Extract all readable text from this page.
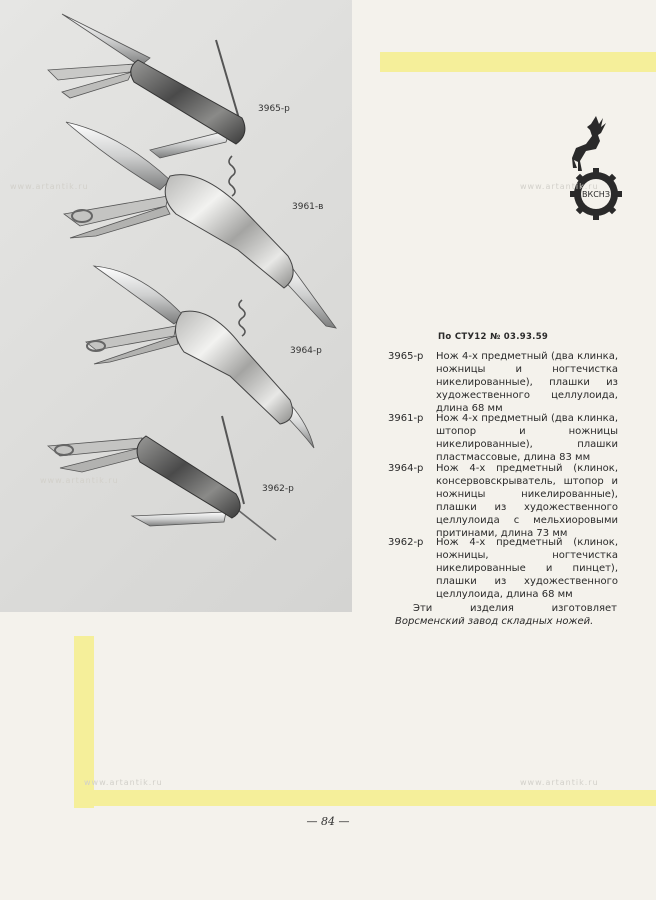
3965-р
3961-в
3964-р
3962-р
ВКСНЗ
По СТУ12 № 03.93.59
3965-р	Нож 4-х предметный (два клинка, ножницы и ногтечистка никелированные), плашки из художественного целлулоида, длина 68 мм
3961-р	Нож 4-х предметный (два клинка, штопор и ножницы никелированные), плашки пластмассовые, длина 83 мм
3964-р	Нож 4-х предметный (клинок, консервовскрыватель, штопор и ножницы никелированные), плашки из художественного целлулоида с мельхиоровыми притинами, длина 73 мм
3962-р	Нож 4-х предметный (клинок, ножницы, ногтечистка никелированные и пинцет), плашки из художественного целлулоида, длина 68 мм
Эти изделия изготовляет Ворсменский завод складных ножей.
— 84 —
www.artantik.ru	www.artantik.ru
www.artantik.ru
www.artantik.ru	www.artantik.ru
